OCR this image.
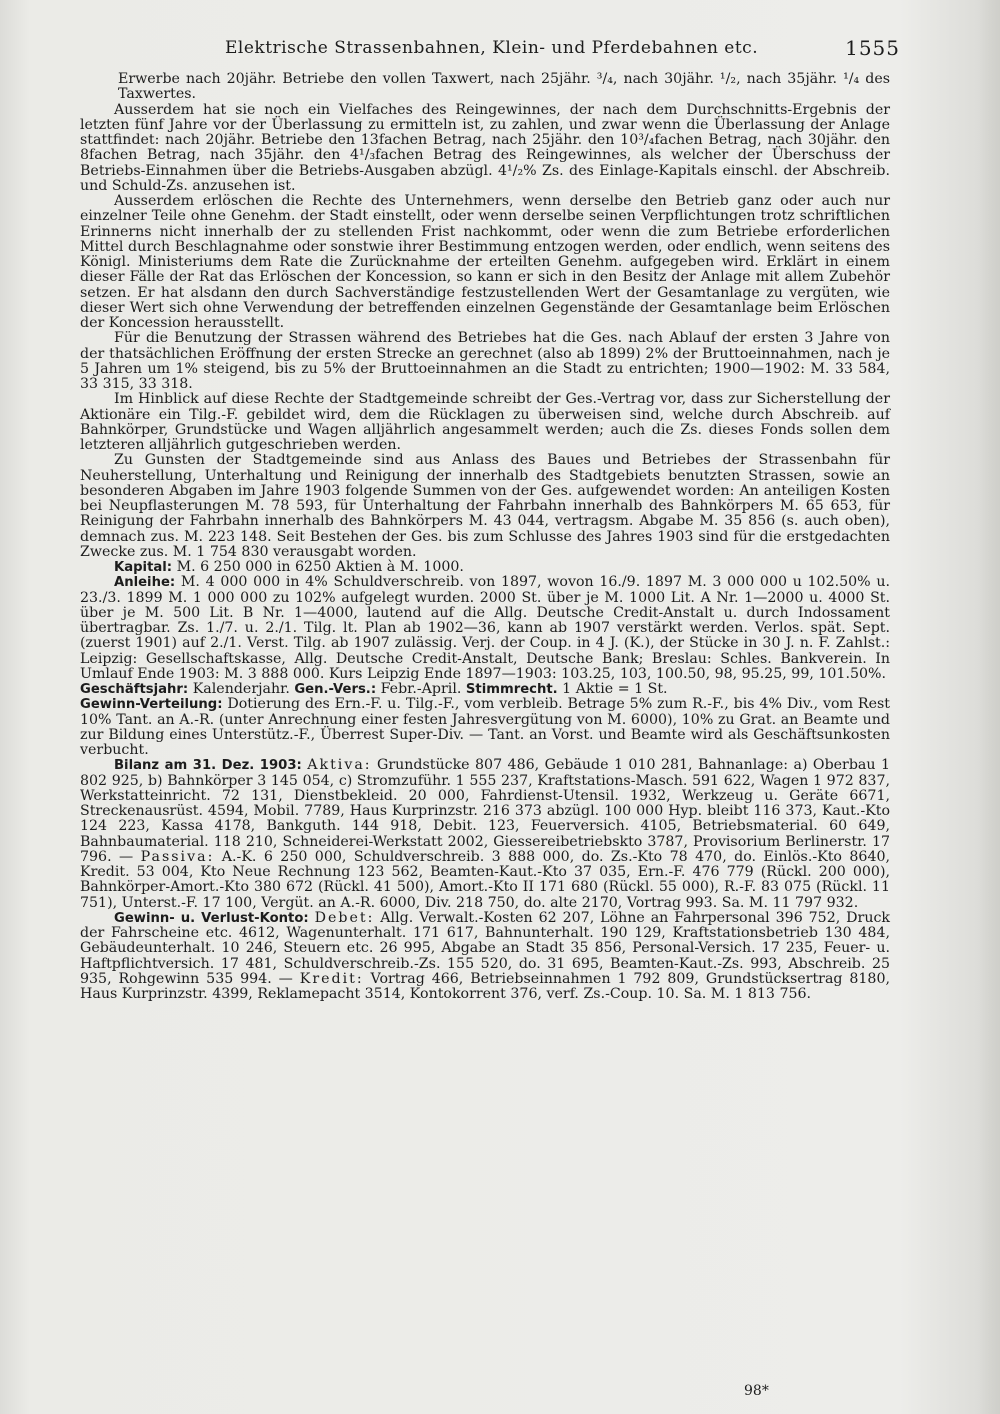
Elektrische Strassenbahnen, Klein- und Pferdebahnen etc.	1555

Erwerbe nach 20jähr. Betriebe den vollen Taxwert, nach 25jähr. ³/₄, nach 30jähr. ¹/₂, nach 35jähr. ¹/₄ des Taxwertes.

Ausserdem hat sie noch ein Vielfaches des Reingewinnes, der nach dem Durchschnitts-Ergebnis der letzten fünf Jahre vor der Überlassung zu ermitteln ist, zu zahlen, und zwar wenn die Überlassung der Anlage stattfindet: nach 20jähr. Betriebe den 13fachen Betrag, nach 25jähr. den 10³/₄fachen Betrag, nach 30jähr. den 8fachen Betrag, nach 35jähr. den 4¹/₃fachen Betrag des Reingewinnes, als welcher der Überschuss der Betriebs-Einnahmen über die Betriebs-Ausgaben abzügl. 4¹/₂% Zs. des Einlage-Kapitals einschl. der Abschreib. und Schuld-Zs. anzusehen ist.

Ausserdem erlöschen die Rechte des Unternehmers, wenn derselbe den Betrieb ganz oder auch nur einzelner Teile ohne Genehm. der Stadt einstellt, oder wenn derselbe seinen Verpflichtungen trotz schriftlichen Erinnerns nicht innerhalb der zu stellenden Frist nachkommt, oder wenn die zum Betriebe erforderlichen Mittel durch Beschlagnahme oder sonstwie ihrer Bestimmung entzogen werden, oder endlich, wenn seitens des Königl. Ministeriums dem Rate die Zurücknahme der erteilten Genehm. aufgegeben wird. Erklärt in einem dieser Fälle der Rat das Erlöschen der Koncession, so kann er sich in den Besitz der Anlage mit allem Zubehör setzen. Er hat alsdann den durch Sachverständige festzustellenden Wert der Gesamtanlage zu vergüten, wie dieser Wert sich ohne Verwendung der betreffenden einzelnen Gegenstände der Gesamtanlage beim Erlöschen der Koncession herausstellt.

Für die Benutzung der Strassen während des Betriebes hat die Ges. nach Ablauf der ersten 3 Jahre von der thatsächlichen Eröffnung der ersten Strecke an gerechnet (also ab 1899) 2% der Bruttoeinnahmen, nach je 5 Jahren um 1% steigend, bis zu 5% der Bruttoeinnahmen an die Stadt zu entrichten; 1900—1902: M. 33 584, 33 315, 33 318.

Im Hinblick auf diese Rechte der Stadtgemeinde schreibt der Ges.-Vertrag vor, dass zur Sicherstellung der Aktionäre ein Tilg.-F. gebildet wird, dem die Rücklagen zu überweisen sind, welche durch Abschreib. auf Bahnkörper, Grundstücke und Wagen alljährlich angesammelt werden; auch die Zs. dieses Fonds sollen dem letzteren alljährlich gutgeschrieben werden.

Zu Gunsten der Stadtgemeinde sind aus Anlass des Baues und Betriebes der Strassenbahn für Neuherstellung, Unterhaltung und Reinigung der innerhalb des Stadtgebiets benutzten Strassen, sowie an besonderen Abgaben im Jahre 1903 folgende Summen von der Ges. aufgewendet worden: An anteiligen Kosten bei Neupflasterungen M. 78 593, für Unterhaltung der Fahrbahn innerhalb des Bahnkörpers M. 65 653, für Reinigung der Fahrbahn innerhalb des Bahnkörpers M. 43 044, vertragsm. Abgabe M. 35 856 (s. auch oben), demnach zus. M. 223 148. Seit Bestehen der Ges. bis zum Schlusse des Jahres 1903 sind für die erstgedachten Zwecke zus. M. 1 754 830 verausgabt worden.

Kapital: M. 6 250 000 in 6250 Aktien à M. 1000.

Anleihe: M. 4 000 000 in 4% Schuldverschreib. von 1897, wovon 16./9. 1897 M. 3 000 000 u 102.50% u. 23./3. 1899 M. 1 000 000 zu 102% aufgelegt wurden. 2000 St. über je M. 1000 Lit. A Nr. 1—2000 u. 4000 St. über je M. 500 Lit. B Nr. 1—4000, lautend auf die Allg. Deutsche Credit-Anstalt u. durch Indossament übertragbar. Zs. 1./7. u. 2./1. Tilg. lt. Plan ab 1902—36, kann ab 1907 verstärkt werden. Verlos. spät. Sept. (zuerst 1901) auf 2./1. Verst. Tilg. ab 1907 zulässig. Verj. der Coup. in 4 J. (K.), der Stücke in 30 J. n. F. Zahlst.: Leipzig: Gesellschaftskasse, Allg. Deutsche Credit-Anstalt, Deutsche Bank; Breslau: Schles. Bankverein. In Umlauf Ende 1903: M. 3 888 000. Kurs Leipzig Ende 1897—1903: 103.25, 103, 100.50, 98, 95.25, 99, 101.50%.

Geschäftsjahr: Kalenderjahr. Gen.-Vers.: Febr.-April. Stimmrecht. 1 Aktie = 1 St.

Gewinn-Verteilung: Dotierung des Ern.-F. u. Tilg.-F., vom verbleib. Betrage 5% zum R.-F., bis 4% Div., vom Rest 10% Tant. an A.-R. (unter Anrechnung einer festen Jahresvergütung von M. 6000), 10% zu Grat. an Beamte und zur Bildung eines Unterstütz.-F., Überrest Super-Div. — Tant. an Vorst. und Beamte wird als Geschäftsunkosten verbucht.

Bilanz am 31. Dez. 1903: Aktiva: Grundstücke 807 486, Gebäude 1 010 281, Bahnanlage: a) Oberbau 1 802 925, b) Bahnkörper 3 145 054, c) Stromzuführ. 1 555 237, Kraftstations-Masch. 591 622, Wagen 1 972 837, Werkstatteinricht. 72 131, Dienstbekleid. 20 000, Fahrdienst-Utensil. 1932, Werkzeug u. Geräte 6671, Streckenausrüst. 4594, Mobil. 7789, Haus Kurprinzstr. 216 373 abzügl. 100 000 Hyp. bleibt 116 373, Kaut.-Kto 124 223, Kassa 4178, Bankguth. 144 918, Debit. 123, Feuerversich. 4105, Betriebsmaterial. 60 649, Bahnbaumaterial. 118 210, Schneiderei-Werkstatt 2002, Giessereibetriebskto 3787, Provisorium Berlinerstr. 17 796. — Passiva: A.-K. 6 250 000, Schuldverschreib. 3 888 000, do. Zs.-Kto 78 470, do. Einlös.-Kto 8640, Kredit. 53 004, Kto Neue Rechnung 123 562, Beamten-Kaut.-Kto 37 035, Ern.-F. 476 779 (Rückl. 200 000), Bahnkörper-Amort.-Kto 380 672 (Rückl. 41 500), Amort.-Kto II 171 680 (Rückl. 55 000), R.-F. 83 075 (Rückl. 11 751), Unterst.-F. 17 100, Vergüt. an A.-R. 6000, Div. 218 750, do. alte 2170, Vortrag 993. Sa. M. 11 797 932.

Gewinn- u. Verlust-Konto: Debet: Allg. Verwalt.-Kosten 62 207, Löhne an Fahrpersonal 396 752, Druck der Fahrscheine etc. 4612, Wagenunterhalt. 171 617, Bahnunterhalt. 190 129, Kraftstationsbetrieb 130 484, Gebäudeunterhalt. 10 246, Steuern etc. 26 995, Abgabe an Stadt 35 856, Personal-Versich. 17 235, Feuer- u. Haftpflichtversich. 17 481, Schuldverschreib.-Zs. 155 520, do. 31 695, Beamten-Kaut.-Zs. 993, Abschreib. 25 935, Rohgewinn 535 994. — Kredit: Vortrag 466, Betriebseinnahmen 1 792 809, Grundstücksertrag 8180, Haus Kurprinzstr. 4399, Reklamepacht 3514, Kontokorrent 376, verf. Zs.-Coup. 10. Sa. M. 1 813 756.

98*
